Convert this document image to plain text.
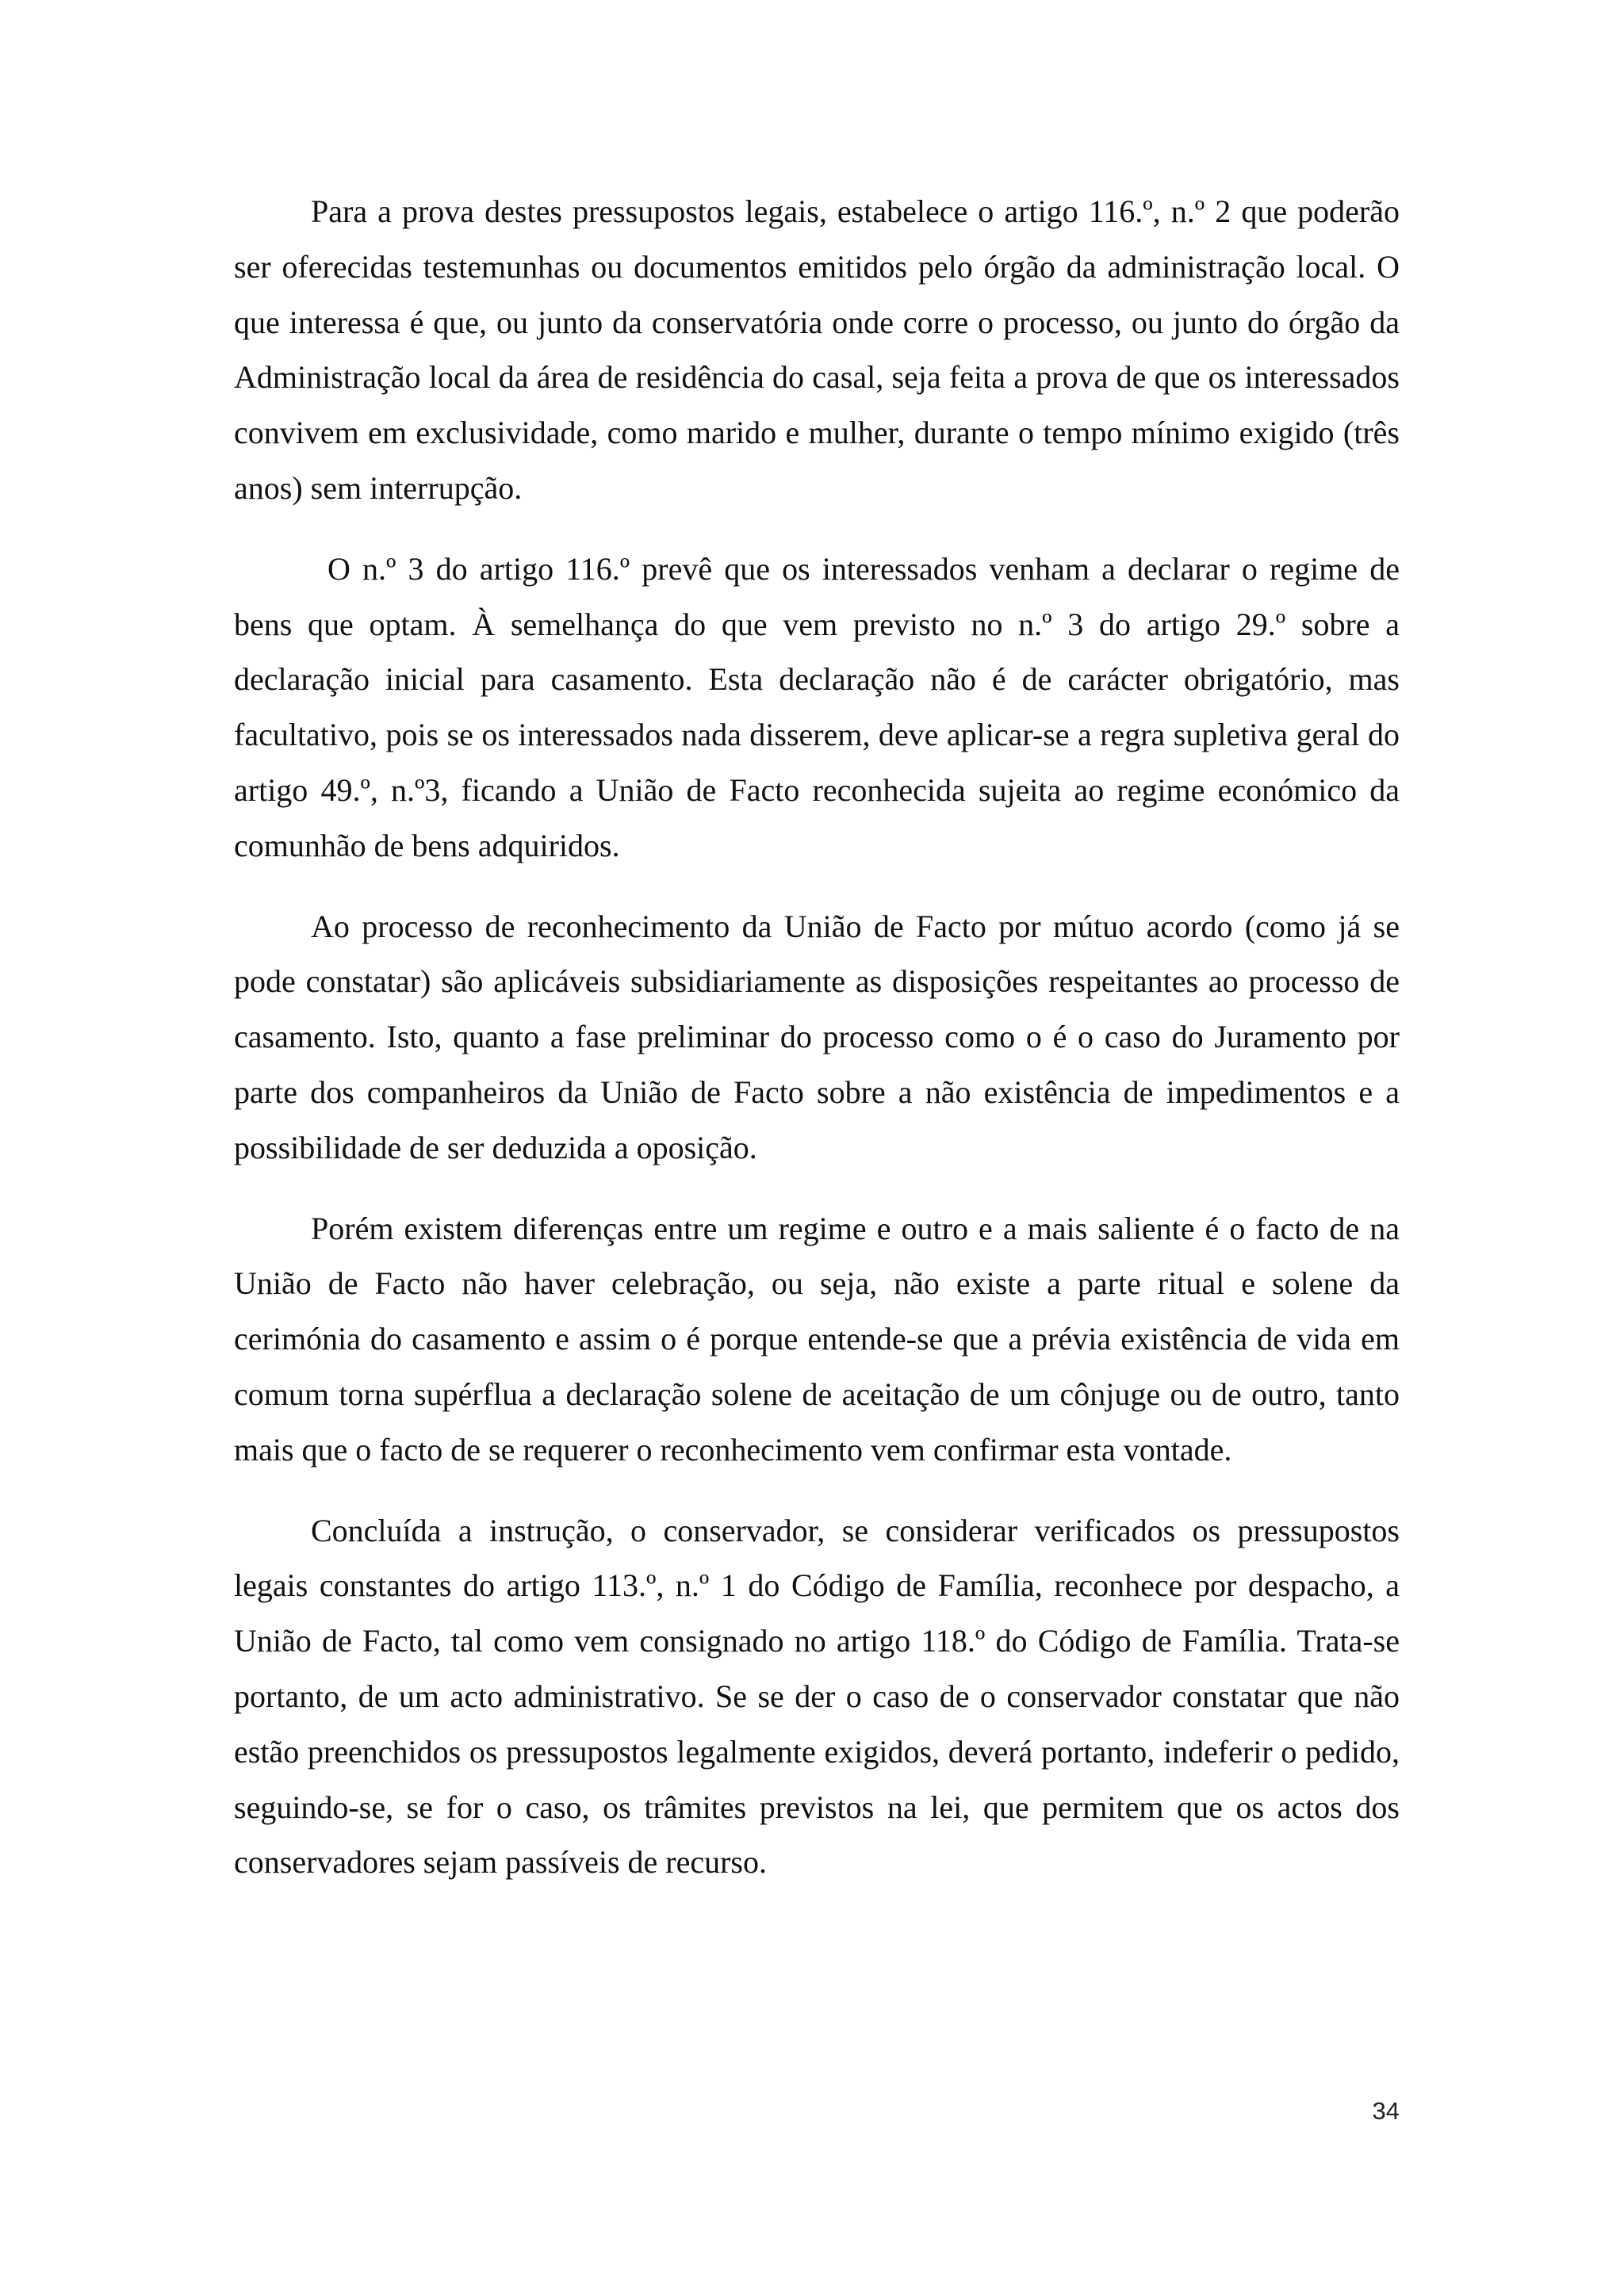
Para a prova destes pressupostos legais, estabelece o artigo 116.º, n.º 2 que poderão ser oferecidas testemunhas ou documentos emitidos pelo órgão da administração local. O que interessa é que, ou junto da conservatória onde corre o processo, ou junto do órgão da Administração local da área de residência do casal, seja feita a prova de que os interessados convivem em exclusividade, como marido e mulher, durante o tempo mínimo exigido (três anos) sem interrupção.

O n.º 3 do artigo 116.º prevê que os interessados venham a declarar o regime de bens que optam. À semelhança do que vem previsto no n.º 3 do artigo 29.º sobre a declaração inicial para casamento. Esta declaração não é de carácter obrigatório, mas facultativo, pois se os interessados nada disserem, deve aplicar-se a regra supletiva geral do artigo 49.º, n.º3, ficando a União de Facto reconhecida sujeita ao regime económico da comunhão de bens adquiridos.

Ao processo de reconhecimento da União de Facto por mútuo acordo (como já se pode constatar) são aplicáveis subsidiariamente as disposições respeitantes ao processo de casamento. Isto, quanto a fase preliminar do processo como o é o caso do Juramento por parte dos companheiros da União de Facto sobre a não existência de impedimentos e a possibilidade de ser deduzida a oposição.

Porém existem diferenças entre um regime e outro e a mais saliente é o facto de na União de Facto não haver celebração, ou seja, não existe a parte ritual e solene da cerimónia do casamento e assim o é porque entende-se que a prévia existência de vida em comum torna supérflua a declaração solene de aceitação de um cônjuge ou de outro, tanto mais que o facto de se requerer o reconhecimento vem confirmar esta vontade.

Concluída a instrução, o conservador, se considerar verificados os pressupostos legais constantes do artigo 113.º, n.º 1 do Código de Família, reconhece por despacho, a União de Facto, tal como vem consignado no artigo 118.º do Código de Família. Trata-se portanto, de um acto administrativo. Se se der o caso de o conservador constatar que não estão preenchidos os pressupostos legalmente exigidos, deverá portanto, indeferir o pedido, seguindo-se, se for o caso, os trâmites previstos na lei, que permitem que os actos dos conservadores sejam passíveis de recurso.

34
